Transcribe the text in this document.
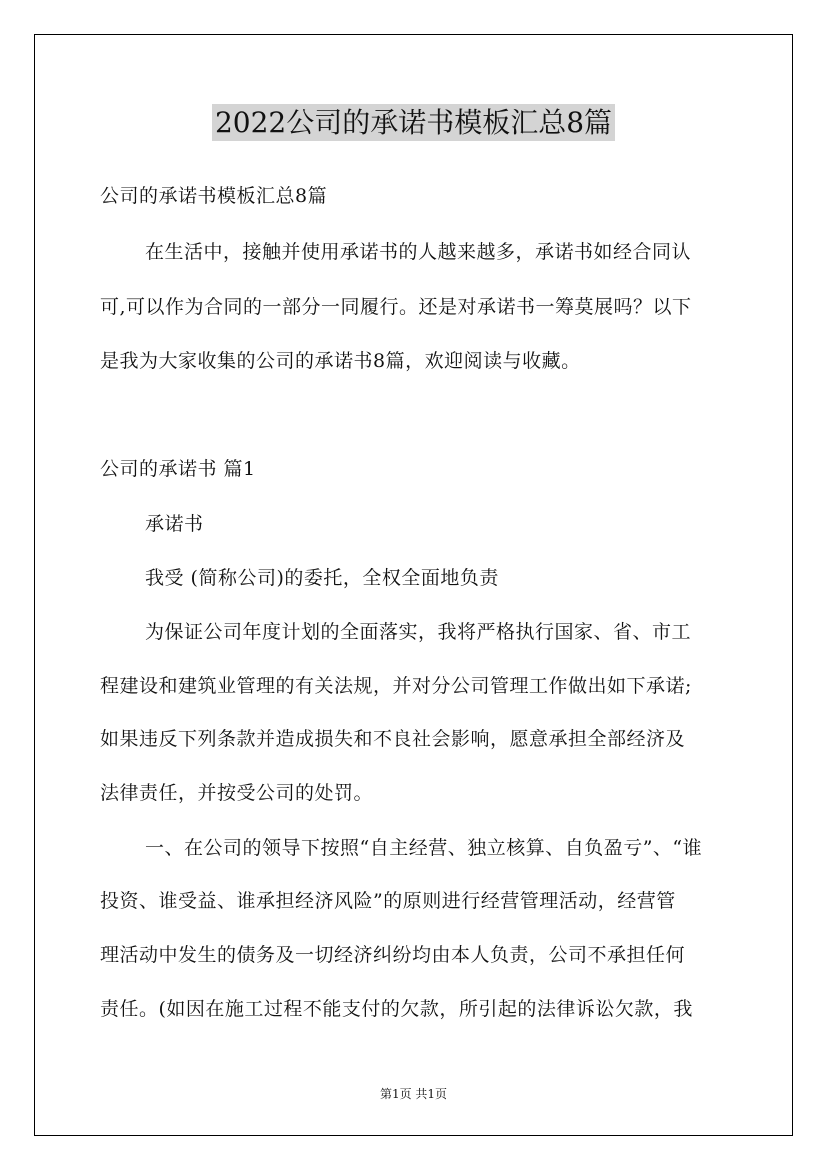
2022公司的承诺书模板汇总8篇
公司的承诺书模板汇总8篇
在生活中，接触并使用承诺书的人越来越多，承诺书如经合同认
可,可以作为合同的一部分一同履行。还是对承诺书一筹莫展吗？以下
是我为大家收集的公司的承诺书8篇，欢迎阅读与收藏。
公司的承诺书 篇1
承诺书
我受 (简称公司)的委托，全权全面地负责
为保证公司年度计划的全面落实，我将严格执行国家、省、市工
程建设和建筑业管理的有关法规，并对分公司管理工作做出如下承诺;
如果违反下列条款并造成损失和不良社会影响，愿意承担全部经济及
法律责任，并按受公司的处罚。
一、在公司的领导下按照“自主经营、独立核算、自负盈亏”、“谁
投资、谁受益、谁承担经济风险”的原则进行经营管理活动，经营管
理活动中发生的债务及一切经济纠纷均由本人负责，公司不承担任何
责任。(如因在施工过程不能支付的欠款，所引起的法律诉讼欠款，我
第1页 共1页
